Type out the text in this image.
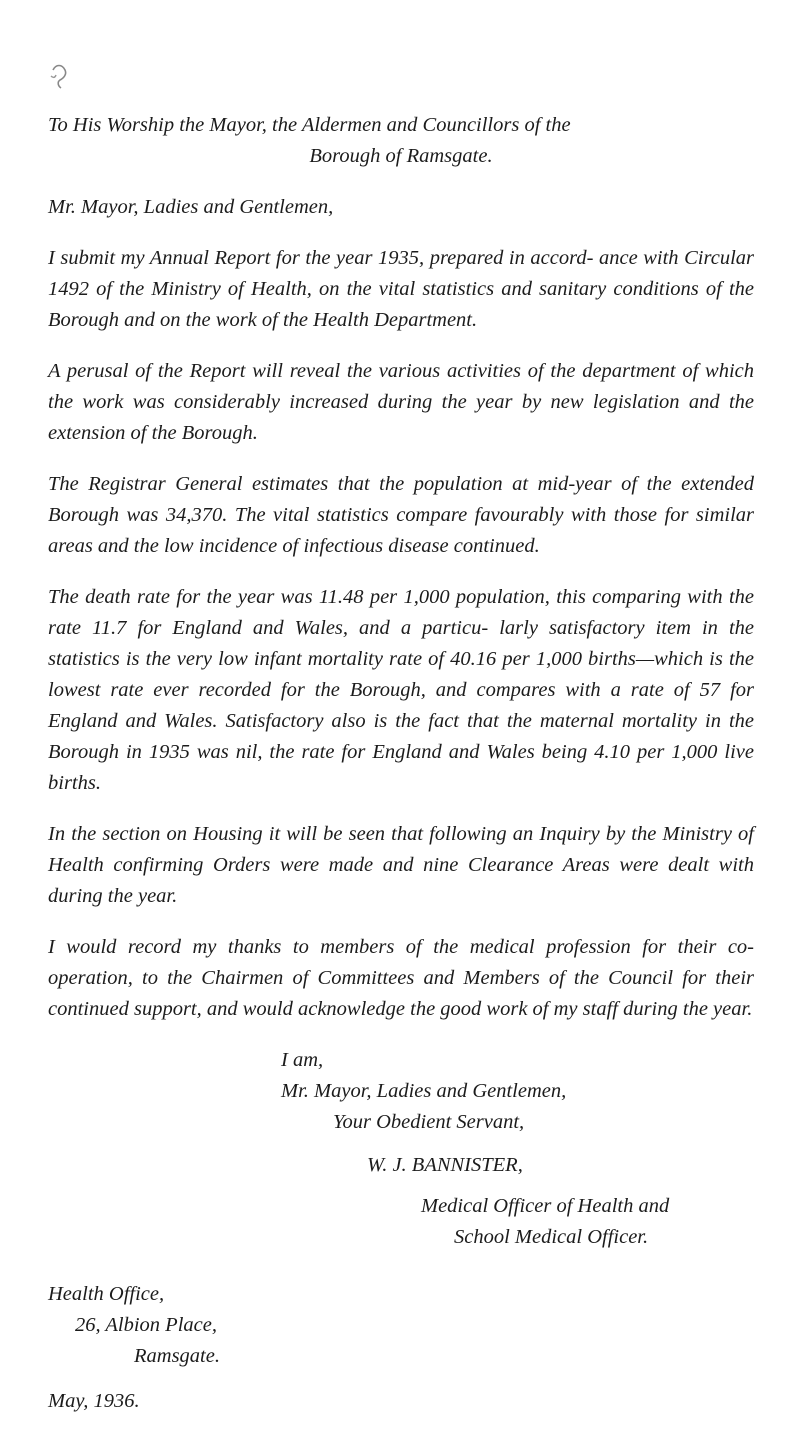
To His Worship the Mayor, the Aldermen and Councillors of the

Borough of Ramsgate.

Mr. Mayor, Ladies and Gentlemen,

I submit my Annual Report for the year 1935, prepared in accord- ance with Circular 1492 of the Ministry of Health, on the vital statistics and sanitary conditions of the Borough and on the work of the Health Department.

A perusal of the Report will reveal the various activities of the department of which the work was considerably increased during the year by new legislation and the extension of the Borough.

The Registrar General estimates that the population at mid-year of the extended Borough was 34,370. The vital statistics compare favourably with those for similar areas and the low incidence of infectious disease continued.

The death rate for the year was 11.48 per 1,000 population, this comparing with the rate 11.7 for England and Wales, and a particu- larly satisfactory item in the statistics is the very low infant mortality rate of 40.16 per 1,000 births—which is the lowest rate ever recorded for the Borough, and compares with a rate of 57 for England and Wales. Satisfactory also is the fact that the maternal mortality in the Borough in 1935 was nil, the rate for England and Wales being 4.10 per 1,000 live births.

In the section on Housing it will be seen that following an Inquiry by the Ministry of Health confirming Orders were made and nine Clearance Areas were dealt with during the year.

I would record my thanks to members of the medical profession for their co-operation, to the Chairmen of Committees and Members of the Council for their continued support, and would acknowledge the good work of my staff during the year.

I am,

Mr. Mayor, Ladies and Gentlemen,

Your Obedient Servant,

W. J. BANNISTER,

Medical Officer of Health and

School Medical Officer.

Health Office,

26, Albion Place,

Ramsgate.

May, 1936.
